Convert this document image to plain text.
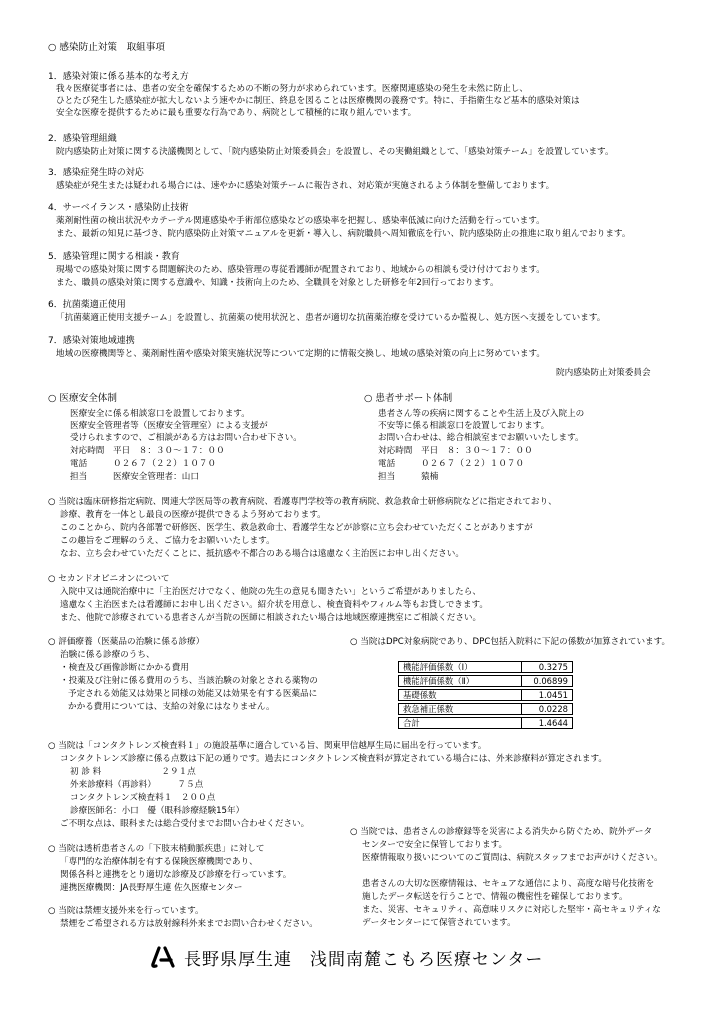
○ 感染防止対策　取組事項
1．感染対策に係る基本的な考え方
我々医療従事者には、患者の安全を確保するための不断の努力が求められています。医療関連感染の発生を未然に防止し、
ひとたび発生した感染症が拡大しないよう速やかに制圧、終息を図ることは医療機関の義務です。特に、手指衛生など基本的感染対策は
安全な医療を提供するために最も重要な行為であり、病院として積極的に取り組んでいます。
2．感染管理組織
院内感染防止対策に関する決議機関として、「院内感染防止対策委員会」を設置し、その実働組織として、「感染対策チーム」を設置しています。
3．感染症発生時の対応
感染症が発生または疑われる場合には、速やかに感染対策チームに報告され、対応策が実施されるよう体制を整備しております。
4．サーベイランス・感染防止技術
薬剤耐性菌の検出状況やカテーテル関連感染や手術部位感染などの感染率を把握し、感染率低減に向けた活動を行っています。
また、最新の知見に基づき、院内感染防止対策マニュアルを更新・導入し、病院職員へ周知徹底を行い、院内感染防止の推進に取り組んでおります。
5．感染管理に関する相談・教育
現場での感染対策に関する問題解決のため、感染管理の専従看護師が配置されており、地域からの相談も受け付けております。
また、職員の感染対策に関する意識や、知識・技術向上のため、全職員を対象とした研修を年2回行っております。
6．抗菌薬適正使用
「抗菌薬適正使用支援チーム」を設置し、抗菌薬の使用状況と、患者が適切な抗菌薬治療を受けているか監視し、処方医へ支援をしています。
7．感染対策地域連携
地域の医療機関等と、薬剤耐性菌や感染対策実施状況等について定期的に情報交換し、地域の感染対策の向上に努めています。
院内感染防止対策委員会
○ 医療安全体制
医療安全に係る相談窓口を設置しております。
医療安全管理者等（医療安全管理室）による支援が
受けられますので、ご相談がある方はお問い合わせ下さい。
対応時間　平日　８：３０～１７：００
電話　　　０２６７（２２）１０７０
担当　　　医療安全管理者：山口
○ 患者サポート体制
患者さん等の疾病に関することや生活上及び入院上の
不安等に係る相談窓口を設置しております。
お問い合わせは、総合相談室までお願いいたします。
対応時間　平日　８：３０～１７：００
電話　　　０２６７（２２）１０７０
担当　　　猿楠
○ 当院は臨床研修指定病院、関連大学医局等の教育病院、看護専門学校等の教育病院、救急救命士研修病院などに指定されており、
診療、教育を一体とし最良の医療が提供できるよう努めております。
このことから、院内各部署で研修医、医学生、救急救命士、看護学生などが診察に立ち会わせていただくことがありますが
この趣旨をご理解のうえ、ご協力をお願いいたします。
なお、立ち会わせていただくことに、抵抗感や不都合のある場合は遠慮なく主治医にお申し出ください。
○ セカンドオピニオンについて
入院中又は通院治療中に「主治医だけでなく、他院の先生の意見も聞きたい」というご希望がありましたら、
遠慮なく主治医または看護師にお申し出ください。紹介状を用意し、検査資料やフィルム等もお貸しできます。
また、他院で診療されている患者さんが当院の医師に相談されたい場合は地域医療連携室にご相談ください。
○ 評価療養（医薬品の治験に係る診療）
治験に係る診療のうち、
・検査及び画像診断にかかる費用
・投薬及び注射に係る費用のうち、当該治験の対象とされる薬物の
予定される効能又は効果と同様の効能又は効果を有する医薬品に
かかる費用については、支給の対象にはなりません。
○ 当院はDPC対象病院であり、DPC包括入院料に下記の係数が加算されています。
機能評価係数（Ⅰ）	0.3275
機能評価係数（Ⅱ）	0.06899
基礎係数	1.0451
救急補正係数	0.0228
合計	1.4644
○ 当院は「コンタクトレンズ検査料１」の施設基準に適合している旨、関東甲信越厚生局に届出を行っています。
コンタクトレンズ診療に係る点数は下記の通りです。過去にコンタクトレンズ検査料が算定されている場合には、外来診療料が算定されます。
初 診 料　　　　　　　２９１点
外来診療料（再診料）　　　７５点
コンタクトレンズ検査料１　２００点
診療医師名：小口　優（眼科診療経験15年）
ご不明な点は、眼科または総合受付までお問い合わせください。
○ 当院は透析患者さんの「下肢末梢動脈疾患」に対して
「専門的な治療体制を有する保険医療機関であり、
関係各科と連携をとり適切な診療及び診療を行っています。
連携医療機関：JA長野厚生連 佐久医療センター
○ 当院は禁煙支援外来を行っています。
禁煙をご希望される方は放射線科外来までお問い合わせください。
○ 当院では、患者さんの診療録等を災害による消失から防ぐため、院外データ
センターで安全に保管しております。
医療情報取り扱いについてのご質問は、病院スタッフまでお声がけください。
患者さんの大切な医療情報は、セキュアな通信により、高度な暗号化技術を
施したデータ転送を行うことで、情報の機密性を確保しております。
また、災害、セキュリティ、高意味リスクに対応した堅牢・高セキュリティな
データセンターにて保管されています。
長野県厚生連　浅間南麓こもろ医療センター
